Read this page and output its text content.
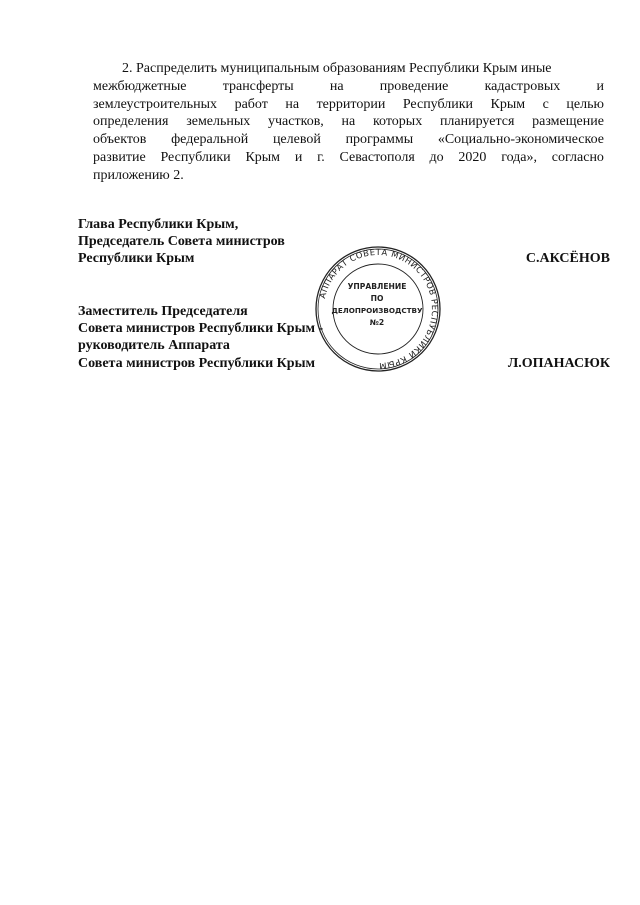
2. Распределить муниципальным образованиям Республики Крым иные
межбюджетные	трансферты	на	проведение	кадастровых	и
землеустроительных работ на территории Республики Крым с целью
определения земельных участков, на которых планируется размещение
объектов федеральной целевой программы «Социально-экономическое
развитие Республики Крым и г. Севастополя до 2020 года», согласно
приложению 2.
Глава Республики Крым,
Председатель Совета министров
Республики Крым	С.АКСЁНОВ
АППАРАТ СОВЕТА МИНИСТРОВ РЕСПУБЛИКИ КРЫМ
УПРАВЛЕНИЕ
ПО
ДЕЛОПРОИЗВОДСТВУ
№2
Заместитель Председателя
Совета министров Республики Крым -
руководитель Аппарата
Совета министров Республики Крым	Л.ОПАНАСЮК
